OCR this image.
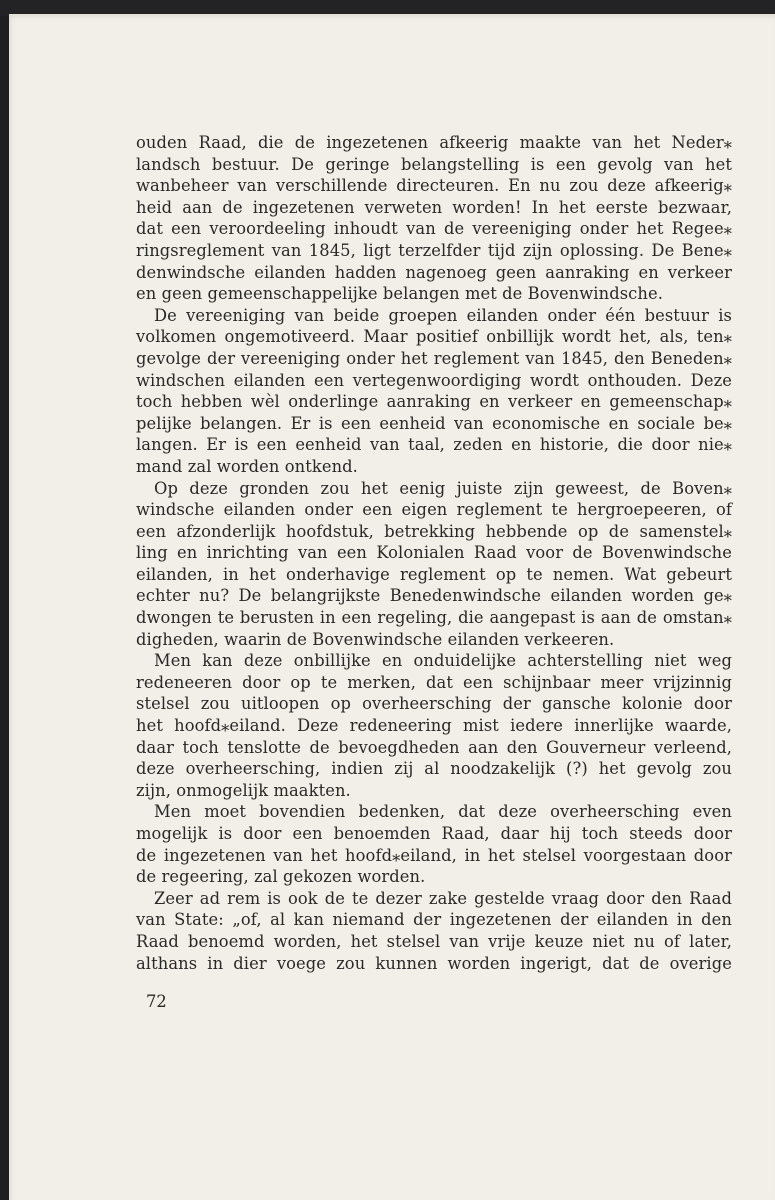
ouden Raad, die de ingezetenen afkeerig maakte van het Neder⁎
landsch bestuur. De geringe belangstelling is een gevolg van het
wanbeheer van verschillende directeuren. En nu zou deze afkeerig⁎
heid aan de ingezetenen verweten worden! In het eerste bezwaar,
dat een veroordeeling inhoudt van de vereeniging onder het Regee⁎
ringsreglement van 1845, ligt terzelfder tijd zijn oplossing. De Bene⁎
denwindsche eilanden hadden nagenoeg geen aanraking en verkeer
en geen gemeenschappelijke belangen met de Bovenwindsche.
De vereeniging van beide groepen eilanden onder één bestuur is
volkomen ongemotiveerd. Maar positief onbillijk wordt het, als, ten⁎
gevolge der vereeniging onder het reglement van 1845, den Beneden⁎
windschen eilanden een vertegenwoordiging wordt onthouden. Deze
toch hebben wèl onderlinge aanraking en verkeer en gemeenschap⁎
pelijke belangen. Er is een eenheid van economische en sociale be⁎
langen. Er is een eenheid van taal, zeden en historie, die door nie⁎
mand zal worden ontkend.
Op deze gronden zou het eenig juiste zijn geweest, de Boven⁎
windsche eilanden onder een eigen reglement te hergroepeeren, of
een afzonderlijk hoofdstuk, betrekking hebbende op de samenstel⁎
ling en inrichting van een Kolonialen Raad voor de Bovenwindsche
eilanden, in het onderhavige reglement op te nemen. Wat gebeurt
echter nu? De belangrijkste Benedenwindsche eilanden worden ge⁎
dwongen te berusten in een regeling, die aangepast is aan de omstan⁎
digheden, waarin de Bovenwindsche eilanden verkeeren.
Men kan deze onbillijke en onduidelijke achterstelling niet weg
redeneeren door op te merken, dat een schijnbaar meer vrijzinnig
stelsel zou uitloopen op overheersching der gansche kolonie door
het hoofd⁎eiland. Deze redeneering mist iedere innerlijke waarde,
daar toch tenslotte de bevoegdheden aan den Gouverneur verleend,
deze overheersching, indien zij al noodzakelijk (?) het gevolg zou
zijn, onmogelijk maakten.
Men moet bovendien bedenken, dat deze overheersching even
mogelijk is door een benoemden Raad, daar hij toch steeds door
de ingezetenen van het hoofd⁎eiland, in het stelsel voorgestaan door
de regeering, zal gekozen worden.
Zeer ad rem is ook de te dezer zake gestelde vraag door den Raad
van State: „of, al kan niemand der ingezetenen der eilanden in den
Raad benoemd worden, het stelsel van vrije keuze niet nu of later,
althans in dier voege zou kunnen worden ingerigt, dat de overige
72
